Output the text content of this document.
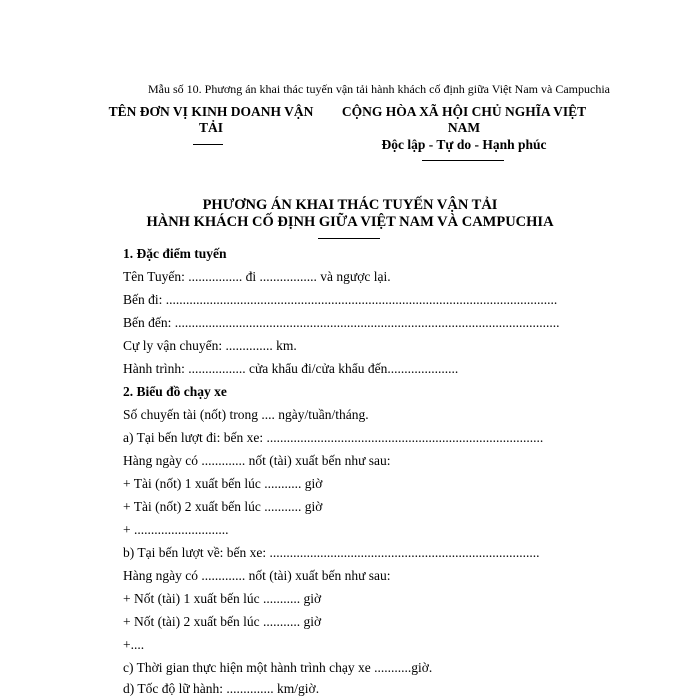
Mẫu số 10. Phương án khai thác tuyến vận tải hành khách cố định giữa Việt Nam và Campuchia
TÊN ĐƠN VỊ KINH DOANH VẬN
TẢI
CỘNG HÒA XÃ HỘI CHỦ NGHĨA VIỆT
NAM
Độc lập - Tự do - Hạnh phúc
PHƯƠNG ÁN KHAI THÁC TUYẾN VẬN TẢI
HÀNH KHÁCH CỐ ĐỊNH GIỮA VIỆT NAM VÀ CAMPUCHIA
1. Đặc điểm tuyến
Tên Tuyến: ................ đi ................. và ngược lại.
Bến đi: ....................................................................................................................
Bến đến: ..................................................................................................................
Cự ly vận chuyển: .............. km.
Hành trình: ................. cửa khẩu đi/cửa khẩu đến.....................
2. Biểu đồ chạy xe
Số chuyến tài (nốt) trong .... ngày/tuần/tháng.
a) Tại bến lượt đi: bến xe: ..................................................................................
Hàng ngày có ............. nốt (tài) xuất bến như sau:
+ Tài (nốt) 1 xuất bến lúc ........... giờ
+ Tài (nốt) 2 xuất bến lúc ........... giờ
+ ............................
b) Tại bến lượt về: bến xe: ................................................................................
Hàng ngày có ............. nốt (tài) xuất bến như sau:
+ Nốt (tài) 1 xuất bến lúc ........... giờ
+ Nốt (tài) 2 xuất bến lúc ........... giờ
+....
c) Thời gian thực hiện một hành trình chạy xe ...........giờ.
d) Tốc độ lữ hành: .............. km/giờ.
